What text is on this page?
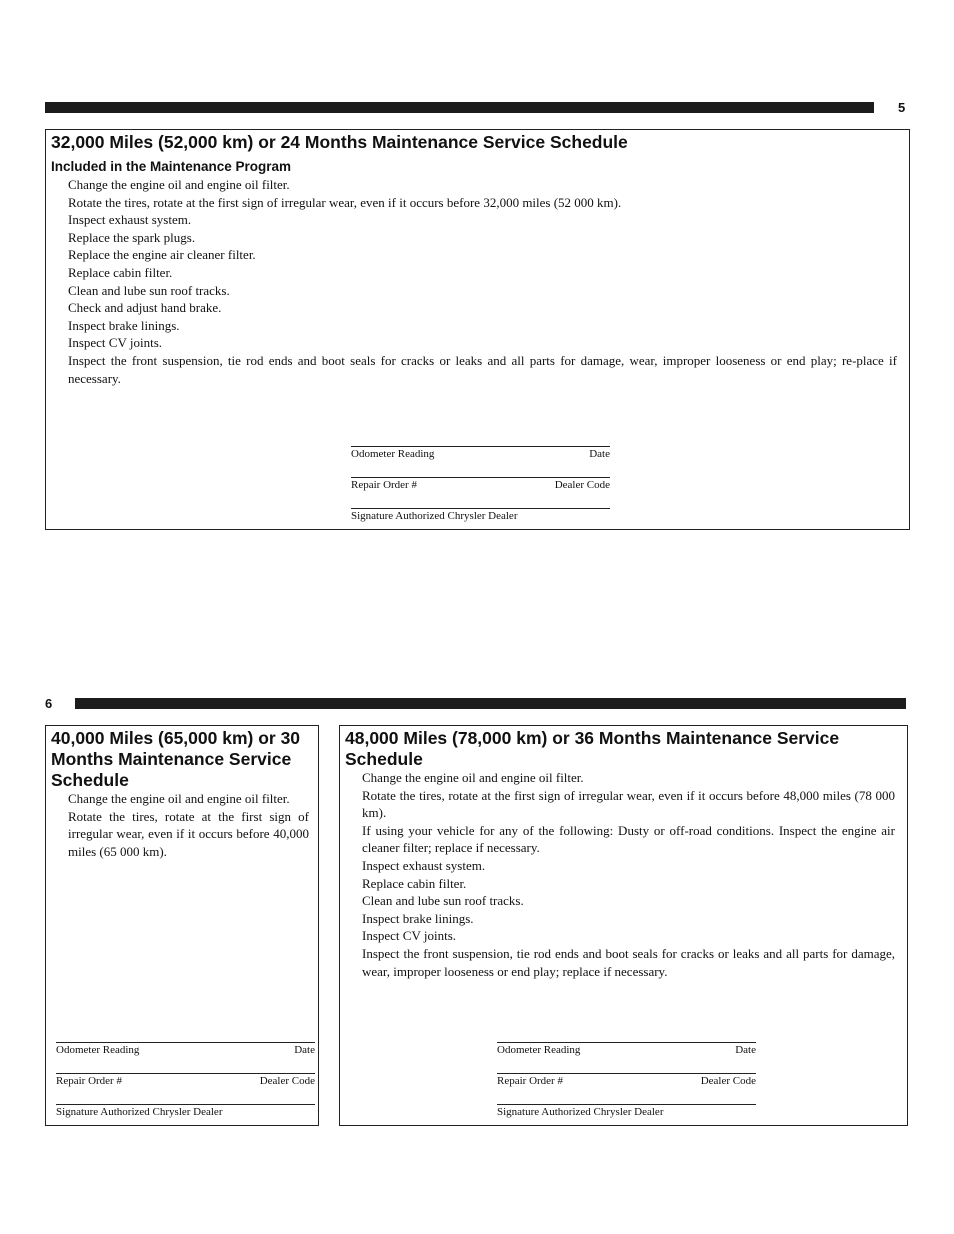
5
32,000 Miles (52,000 km) or 24 Months Maintenance Service Schedule
Included in the Maintenance Program
Change the engine oil and engine oil filter.
Rotate the tires, rotate at the first sign of irregular wear, even if it occurs before 32,000 miles (52 000 km).
Inspect exhaust system.
Replace the spark plugs.
Replace the engine air cleaner filter.
Replace cabin filter.
Clean and lube sun roof tracks.
Check and adjust hand brake.
Inspect brake linings.
Inspect CV joints.
Inspect the front suspension, tie rod ends and boot seals for cracks or leaks and all parts for damage, wear, improper looseness or end play; re-place if necessary.
Odometer Reading	Date
Repair Order #	Dealer Code
Signature Authorized Chrysler Dealer
6
40,000 Miles (65,000 km) or 30 Months Maintenance Service Schedule
Change the engine oil and engine oil filter.
Rotate the tires, rotate at the first sign of irregular wear, even if it occurs before 40,000 miles (65 000 km).
Odometer Reading	Date
Repair Order #	Dealer Code
Signature Authorized Chrysler Dealer
48,000 Miles (78,000 km) or 36 Months Maintenance Service Schedule
Change the engine oil and engine oil filter.
Rotate the tires, rotate at the first sign of irregular wear, even if it occurs before 48,000 miles (78 000 km).
If using your vehicle for any of the following: Dusty or off-road conditions. Inspect the engine air cleaner filter; replace if necessary.
Inspect exhaust system.
Replace cabin filter.
Clean and lube sun roof tracks.
Inspect brake linings.
Inspect CV joints.
Inspect the front suspension, tie rod ends and boot seals for cracks or leaks and all parts for damage, wear, improper looseness or end play; replace if necessary.
Odometer Reading	Date
Repair Order #	Dealer Code
Signature Authorized Chrysler Dealer
